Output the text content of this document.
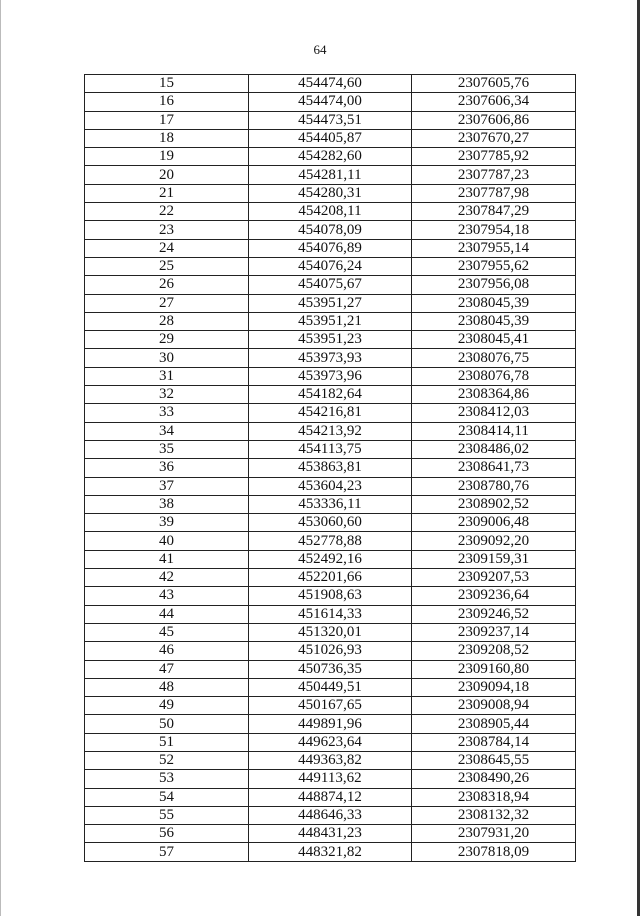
64
15	454474,60	2307605,76
16	454474,00	2307606,34
17	454473,51	2307606,86
18	454405,87	2307670,27
19	454282,60	2307785,92
20	454281,11	2307787,23
21	454280,31	2307787,98
22	454208,11	2307847,29
23	454078,09	2307954,18
24	454076,89	2307955,14
25	454076,24	2307955,62
26	454075,67	2307956,08
27	453951,27	2308045,39
28	453951,21	2308045,39
29	453951,23	2308045,41
30	453973,93	2308076,75
31	453973,96	2308076,78
32	454182,64	2308364,86
33	454216,81	2308412,03
34	454213,92	2308414,11
35	454113,75	2308486,02
36	453863,81	2308641,73
37	453604,23	2308780,76
38	453336,11	2308902,52
39	453060,60	2309006,48
40	452778,88	2309092,20
41	452492,16	2309159,31
42	452201,66	2309207,53
43	451908,63	2309236,64
44	451614,33	2309246,52
45	451320,01	2309237,14
46	451026,93	2309208,52
47	450736,35	2309160,80
48	450449,51	2309094,18
49	450167,65	2309008,94
50	449891,96	2308905,44
51	449623,64	2308784,14
52	449363,82	2308645,55
53	449113,62	2308490,26
54	448874,12	2308318,94
55	448646,33	2308132,32
56	448431,23	2307931,20
57	448321,82	2307818,09
